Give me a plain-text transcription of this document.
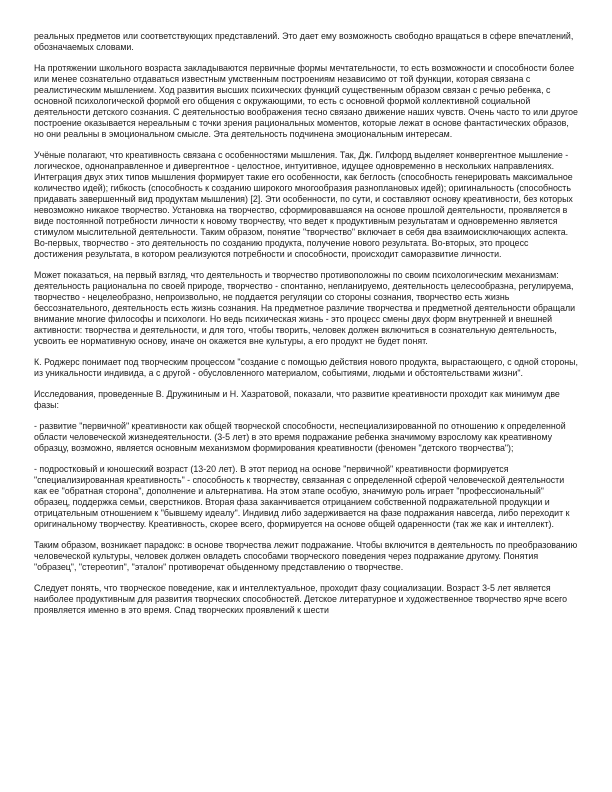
реальных предметов или соответствующих представлений. Это дает ему возможность свободно вращаться в сфере впечатлений, обозначаемых словами.

На протяжении школьного возраста закладываются первичные формы мечтательности, то есть возможности и способности более или менее сознательно отдаваться известным умственным построениям независимо от той функции, которая связана с реалистическим мышлением. Ход развития высших психических функций существенным образом связан с речью ребенка, с основной психологической формой его общения с окружающими, то есть с основной формой коллективной социальной деятельности детского сознания. С деятельностью воображения тесно связано движение наших чувств. Очень часто то или другое построение оказывается нереальным с точки зрения рациональных моментов, которые лежат в основе фантастических образов, но они реальны в эмоциональном смысле. Эта деятельность подчинена эмоциональным интересам.

Учёные полагают, что креативность связана с особенностями мышления. Так, Дж. Гилфорд выделяет конвергентное мышление - логическое, однонаправленное и дивергентное - целостное, интуитивное, идущее одновременно в нескольких направлениях. Интеграция двух этих типов мышления формирует такие его особенности, как беглость (способность генерировать максимальное количество идей); гибкость (способность к созданию широкого многообразия разноплановых идей); оригинальность (способность придавать завершенный вид продуктам мышления) [2]. Эти особенности, по сути, и составляют основу креативности, без которых невозможно никакое творчество. Установка на творчество, сформировавшаяся на основе прошлой деятельности, проявляется в виде постоянной потребности личности к новому творчеству, что ведет к продуктивным результатам и одновременно является стимулом мыслительной деятельности. Таким образом, понятие "творчество" включает в себя два взаимоисключающих аспекта. Во-первых, творчество - это деятельность по созданию продукта, получение нового результата. Во-вторых, это процесс достижения результата, в котором реализуются потребности и способности, происходит саморазвитие личности.

Может показаться, на первый взгляд, что деятельность и творчество противоположны по своим психологическим механизмам: деятельность рациональна по своей природе, творчество - спонтанно, непланируемо, деятельность целесообразна, регулируема, творчество - нецелеобразно, непроизвольно, не поддается регуляции со стороны сознания, творчество есть жизнь бессознательного, деятельность есть жизнь сознания. На предметное различие творчества и предметной деятельности обращали внимание многие философы и психологи. Но ведь психическая жизнь - это процесс смены двух форм внутренней и внешней активности: творчества и деятельности, и для того, чтобы творить, человек должен включиться в сознательную деятельность, усвоить ее нормативную основу, иначе он окажется вне культуры, а его продукт не будет понят.

К. Роджерс понимает под творческим процессом "создание с помощью действия нового продукта, вырастающего, с одной стороны, из уникальности индивида, а с другой - обусловленного материалом, событиями, людьми и обстоятельствами жизни".

Исследования, проведенные В. Дружининым и Н. Хазратовой, показали, что развитие креативности проходит как минимум две фазы:

- развитие "первичной" креативности как общей творческой способности, неспециализированной по отношению к определенной области человеческой жизнедеятельности. (3-5 лет) в это время подражание ребенка значимому взрослому как креативному образцу, возможно, является основным механизмом формирования креативности (феномен "детского творчества");

- подростковый и юношеский возраст (13-20 лет). В этот период на основе "первичной" креативности формируется "специализированная креативность" - способность к творчеству, связанная с определенной сферой человеческой деятельности как ее "обратная сторона", дополнение и альтернатива. На этом этапе особую, значимую роль играет "профессиональный" образец, поддержка семьи, сверстников. Вторая фаза заканчивается отрицанием собственной подражательной продукции и отрицательным отношением к "бывшему идеалу". Индивид либо задерживается на фазе подражания навсегда, либо переходит к оригинальному творчеству. Креативность, скорее всего, формируется на основе общей одаренности (так же как и интеллект).

Таким образом, возникает парадокс: в основе творчества лежит подражание. Чтобы включится в деятельность по преобразованию человеческой культуры, человек должен овладеть способами творческого поведения через подражание другому. Понятия "образец", "стереотип", "эталон" противоречат обыденному представлению о творчестве.

Следует понять, что творческое поведение, как и интеллектуальное, проходит фазу социализации. Возраст 3-5 лет является наиболее продуктивным для развития творческих способностей. Детское литературное и художественное творчество ярче всего проявляется именно в это время. Спад творческих проявлений к шести
